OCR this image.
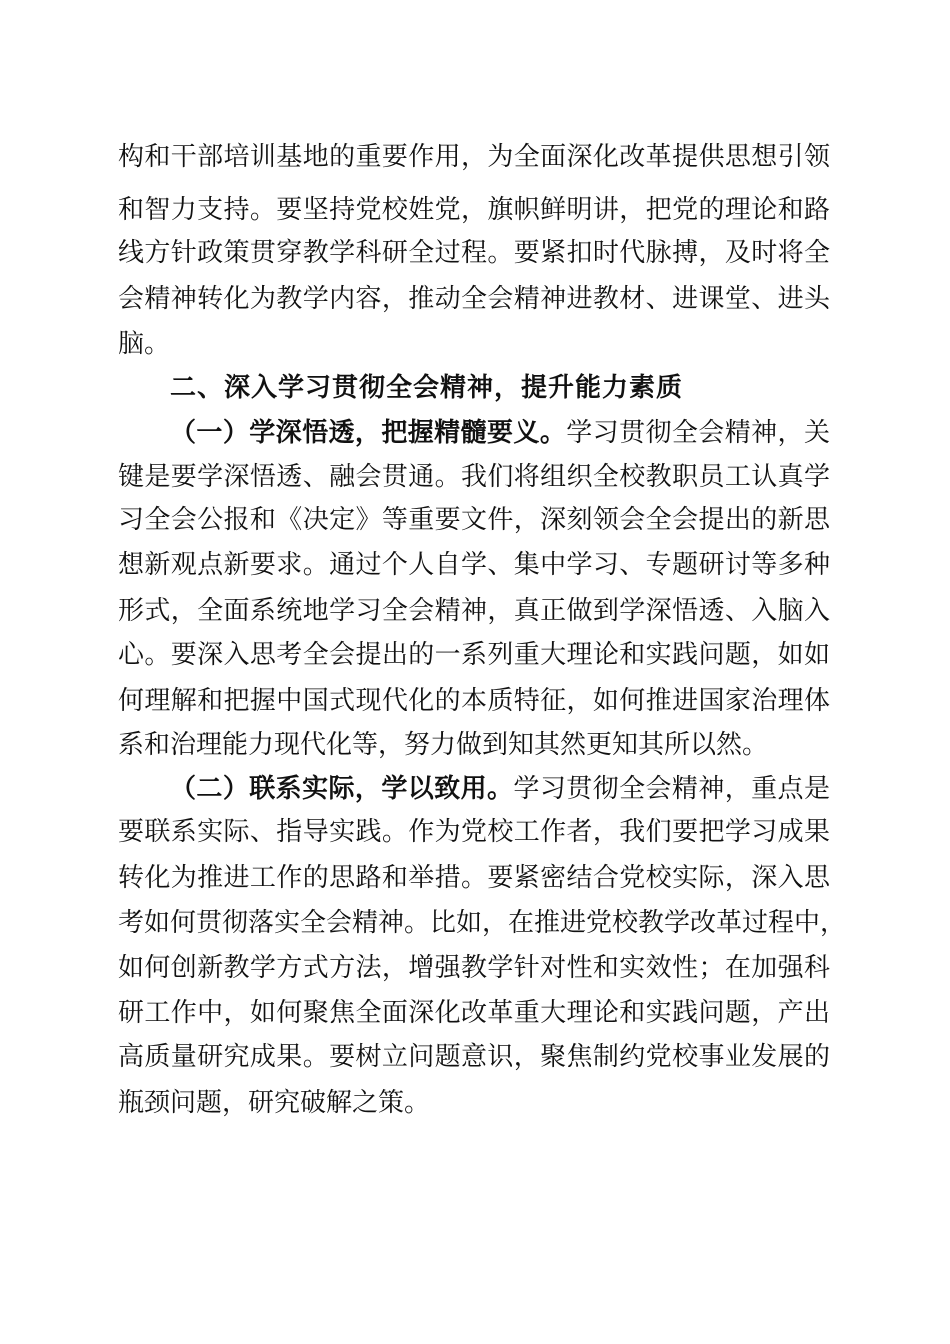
构和干部培训基地的重要作用，为全面深化改革提供思想引领
和智力支持。要坚持党校姓党，旗帜鲜明讲，把党的理论和路
线方针政策贯穿教学科研全过程。要紧扣时代脉搏，及时将全
会精神转化为教学内容，推动全会精神进教材、进课堂、进头
脑。
二、深入学习贯彻全会精神，提升能力素质
（一）学深悟透，把握精髓要义。学习贯彻全会精神，关
键是要学深悟透、融会贯通。我们将组织全校教职员工认真学
习全会公报和《决定》等重要文件，深刻领会全会提出的新思
想新观点新要求。通过个人自学、集中学习、专题研讨等多种
形式，全面系统地学习全会精神，真正做到学深悟透、入脑入
心。要深入思考全会提出的一系列重大理论和实践问题，如如
何理解和把握中国式现代化的本质特征，如何推进国家治理体
系和治理能力现代化等，努力做到知其然更知其所以然。
（二）联系实际，学以致用。学习贯彻全会精神，重点是
要联系实际、指导实践。作为党校工作者，我们要把学习成果
转化为推进工作的思路和举措。要紧密结合党校实际，深入思
考如何贯彻落实全会精神。比如，在推进党校教学改革过程中，
如何创新教学方式方法，增强教学针对性和实效性；在加强科
研工作中，如何聚焦全面深化改革重大理论和实践问题，产出
高质量研究成果。要树立问题意识，聚焦制约党校事业发展的
瓶颈问题，研究破解之策。
